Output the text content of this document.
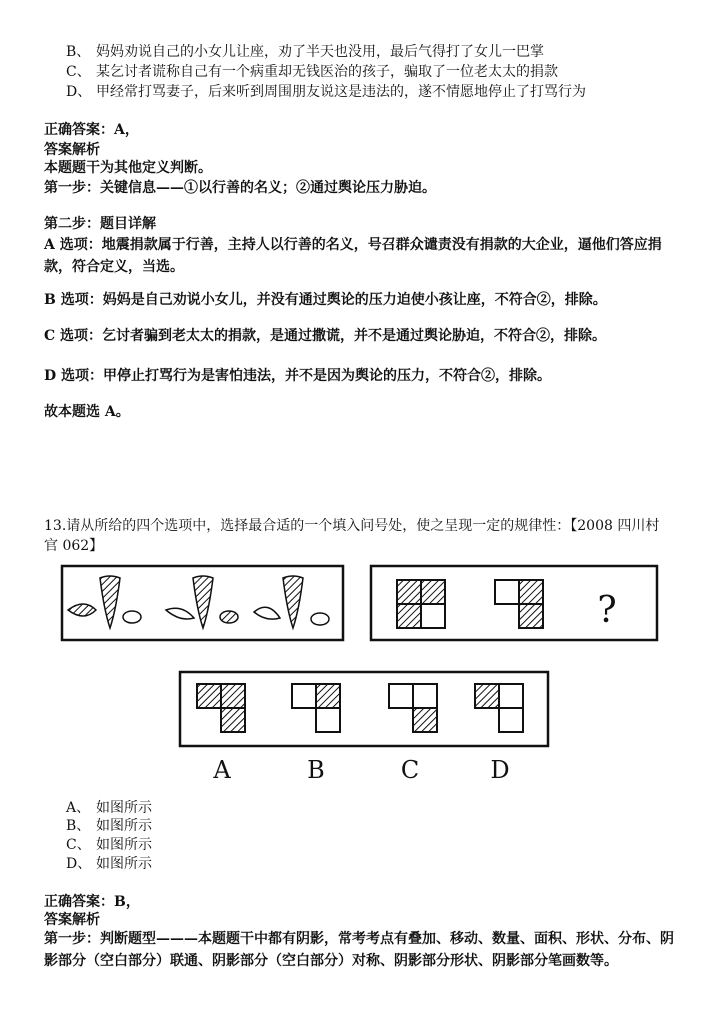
B、 妈妈劝说自己的小女儿让座，劝了半天也没用，最后气得打了女儿一巴掌
C、 某乞讨者谎称自己有一个病重却无钱医治的孩子，骗取了一位老太太的捐款
D、 甲经常打骂妻子，后来听到周围朋友说这是违法的，遂不情愿地停止了打骂行为
正确答案：A，
答案解析
本题题干为其他定义判断。
第一步：关键信息——①以行善的名义；②通过舆论压力胁迫。
第二步：题目详解
A 选项：地震捐款属于行善，主持人以行善的名义，号召群众谴责没有捐款的大企业，逼他们答应捐款，符合定义，当选。
B 选项：妈妈是自己劝说小女儿，并没有通过舆论的压力迫使小孩让座，不符合②，排除。
C 选项：乞讨者骗到老太太的捐款，是通过撒谎，并不是通过舆论胁迫，不符合②，排除。
D 选项：甲停止打骂行为是害怕违法，并不是因为舆论的压力，不符合②，排除。
故本题选 A。
13.请从所给的四个选项中，选择最合适的一个填入问号处，使之呈现一定的规律性：【2008 四川村
官 062】
?
A	B	C	D
A、 如图所示
B、 如图所示
C、 如图所示
D、 如图所示
正确答案：B，
答案解析
第一步：判断题型———本题题干中都有阴影，常考考点有叠加、移动、数量、面积、形状、分布、阴影部分（空白部分）联通、阴影部分（空白部分）对称、阴影部分形状、阴影部分笔画数等。
